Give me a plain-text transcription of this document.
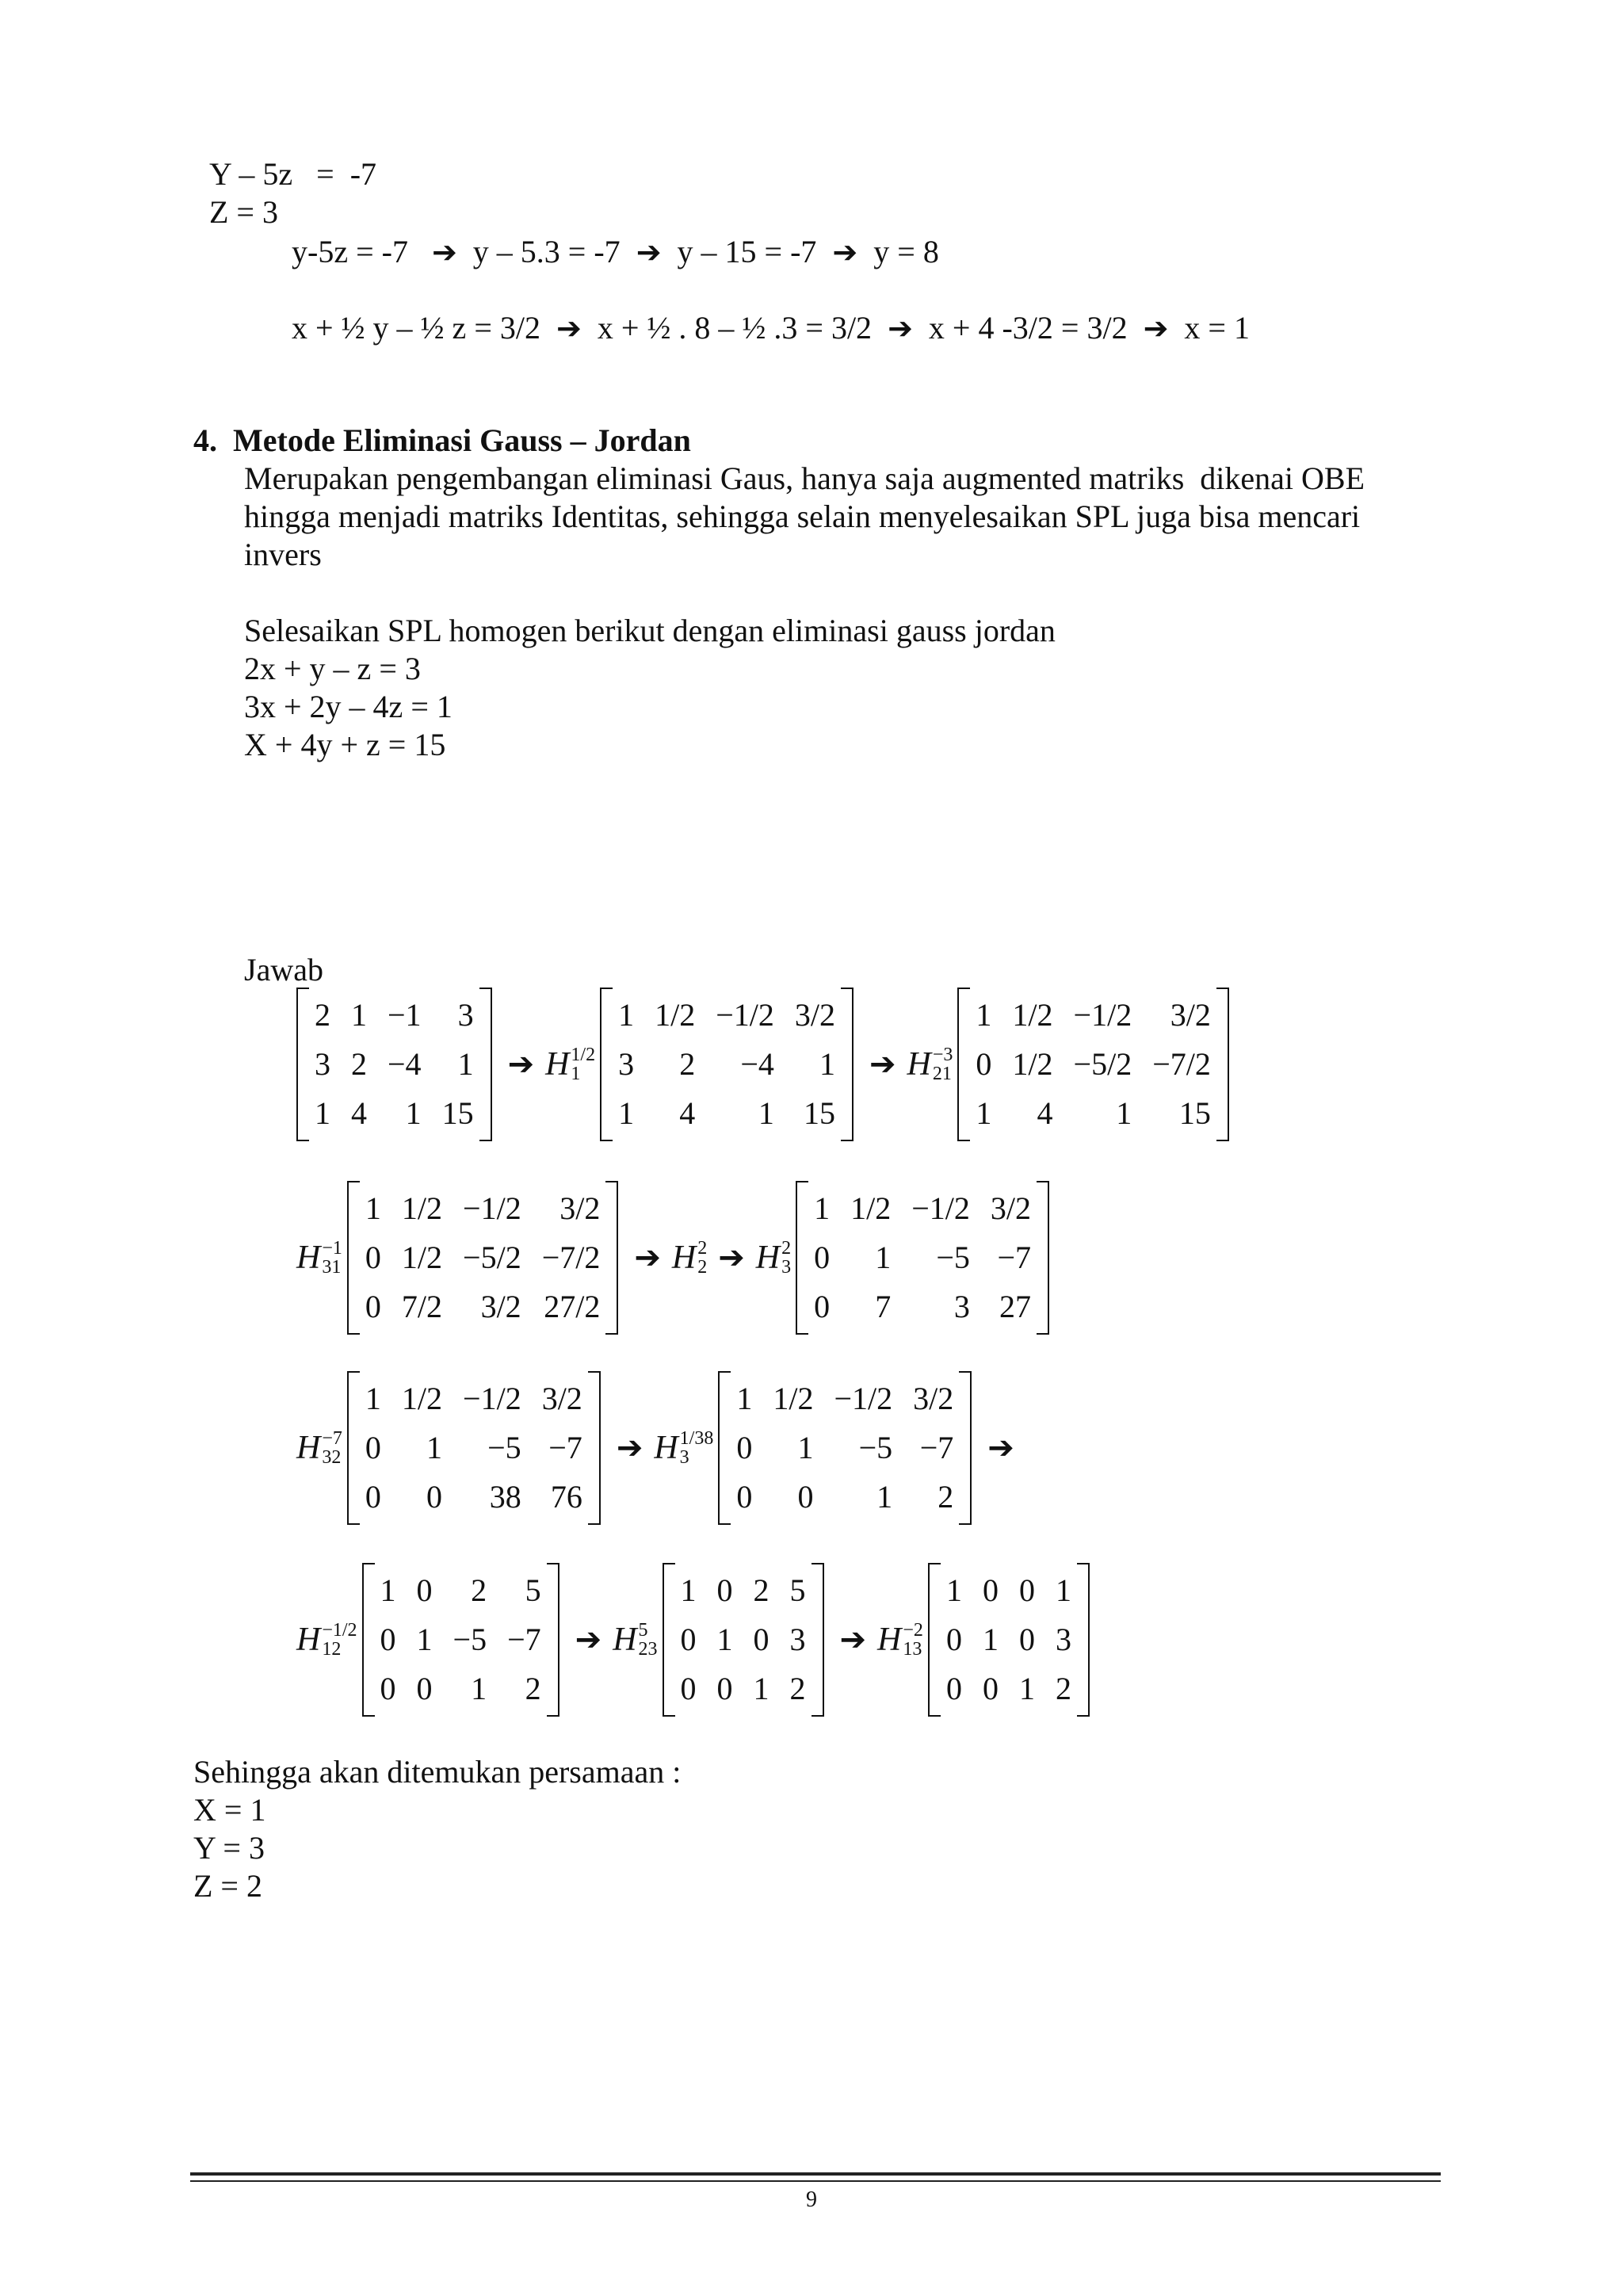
Y – 5z   =  -7
Z = 3
y-5z = -7 ➔ y – 5.3 = -7 ➔ y – 15 = -7 ➔ y = 8
x + ½ y – ½ z = 3/2 ➔ x + ½ . 8 – ½ .3 = 3/2 ➔ x + 4 -3/2 = 3/2 ➔ x = 1
4.  Metode Eliminasi Gauss – Jordan
Merupakan pengembangan eliminasi Gaus, hanya saja augmented matriks  dikenai OBE
hingga menjadi matriks Identitas, sehingga selain menyelesaikan SPL juga bisa mencari
invers
Selesaikan SPL homogen berikut dengan eliminasi gauss jordan
2x + y – z = 3
3x + 2y – 4z = 1
X + 4y + z = 15
Jawab
2 1 −1	3
3 2 −4	1
1 4	1 15
➔ H 1/2
1
1 1/2 −1/2 3/2
3	2	−4	1
1	4	1 15
➔ H −3
21
1 1/2 −1/2	3/2
0 1/2 −5/2 −7/2
1	4	1	15
H −1
31
1 1/2 −1/2	3/2
0 1/2 −5/2 −7/2
0 7/2	3/2 27/2
➔ H 2
2 ➔ H 2
3
1 1/2 −1/2 3/2
0	1	−5 −7
0	7	3 27
H −7
32
1 1/2 −1/2 3/2
0	1	−5 −7
0	0	38 76
➔ H 1/38
3
1 1/2 −1/2 3/2
0	1	−5 −7
0	0	1	2
➔
H −1/2
12
1 0	2	5
0 1 −5 −7
0 0	1	2
➔ H 5
23
1 0 2 5
0 1 0 3
0 0 1 2
➔ H −2
13
1 0 0 1
0 1 0 3
0 0 1 2
Sehingga akan ditemukan persamaan :
X = 1
Y = 3
Z = 2
9
